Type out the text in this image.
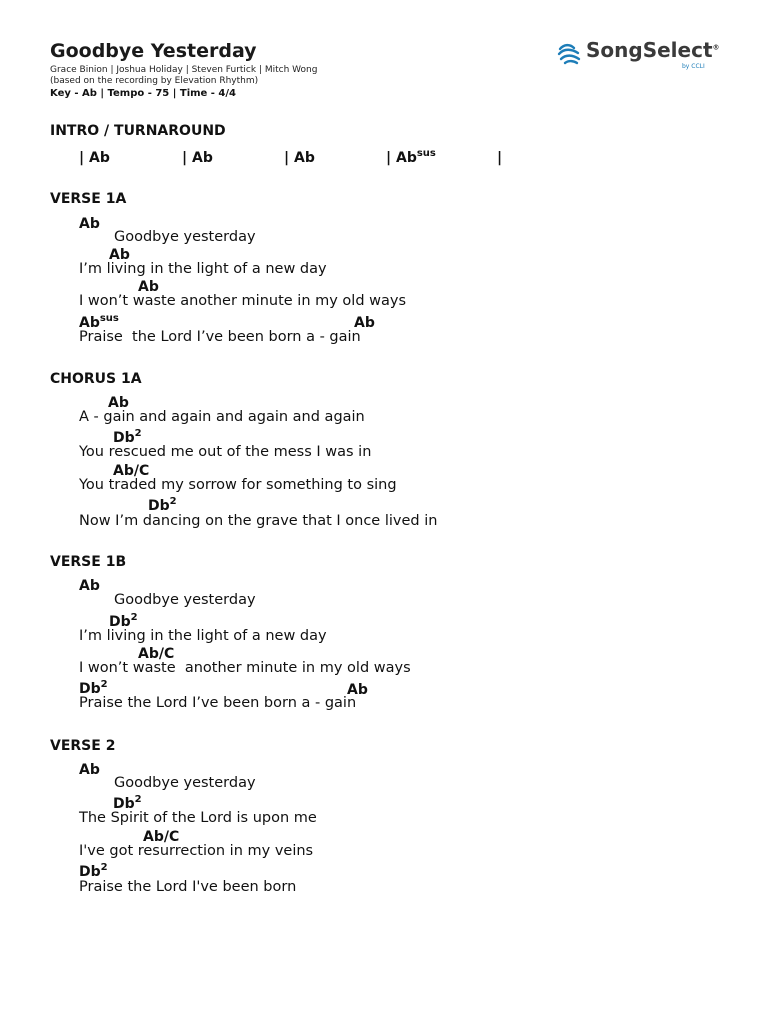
Goodbye Yesterday
Grace Binion | Joshua Holiday | Steven Furtick | Mitch Wong
(based on the recording by Elevation Rhythm)
Key - Ab | Tempo - 75 | Time - 4/4

SongSelect®

by CCLI

INTRO / TURNAROUND
| Ab	| Ab	| Ab	| $Ab^{sus}$	|
VERSE 1A
Ab
Goodbye yesterday
Ab
I’m living in the light of a new day
Ab
I won’t waste another minute in my old ways
$Ab^{sus}$	Ab
Praise  the Lord I’ve been born a - gain
CHORUS 1A
Ab
A - gain and again and again and again
Db$^2$
You rescued me out of the mess I was in
Ab/C
You traded my sorrow for something to sing
Db$^2$
Now I’m dancing on the grave that I once lived in
VERSE 1B
Ab
Goodbye yesterday
Db$^2$
I’m living in the light of a new day
Ab/C
I won’t waste  another minute in my old ways
Db$^2$	Ab
Praise the Lord I’ve been born a - gain
VERSE 2
Ab
Goodbye yesterday
Db$^2$
The Spirit of the Lord is upon me
Ab/C
I've got resurrection in my veins
Db$^2$
Praise the Lord I've been born
